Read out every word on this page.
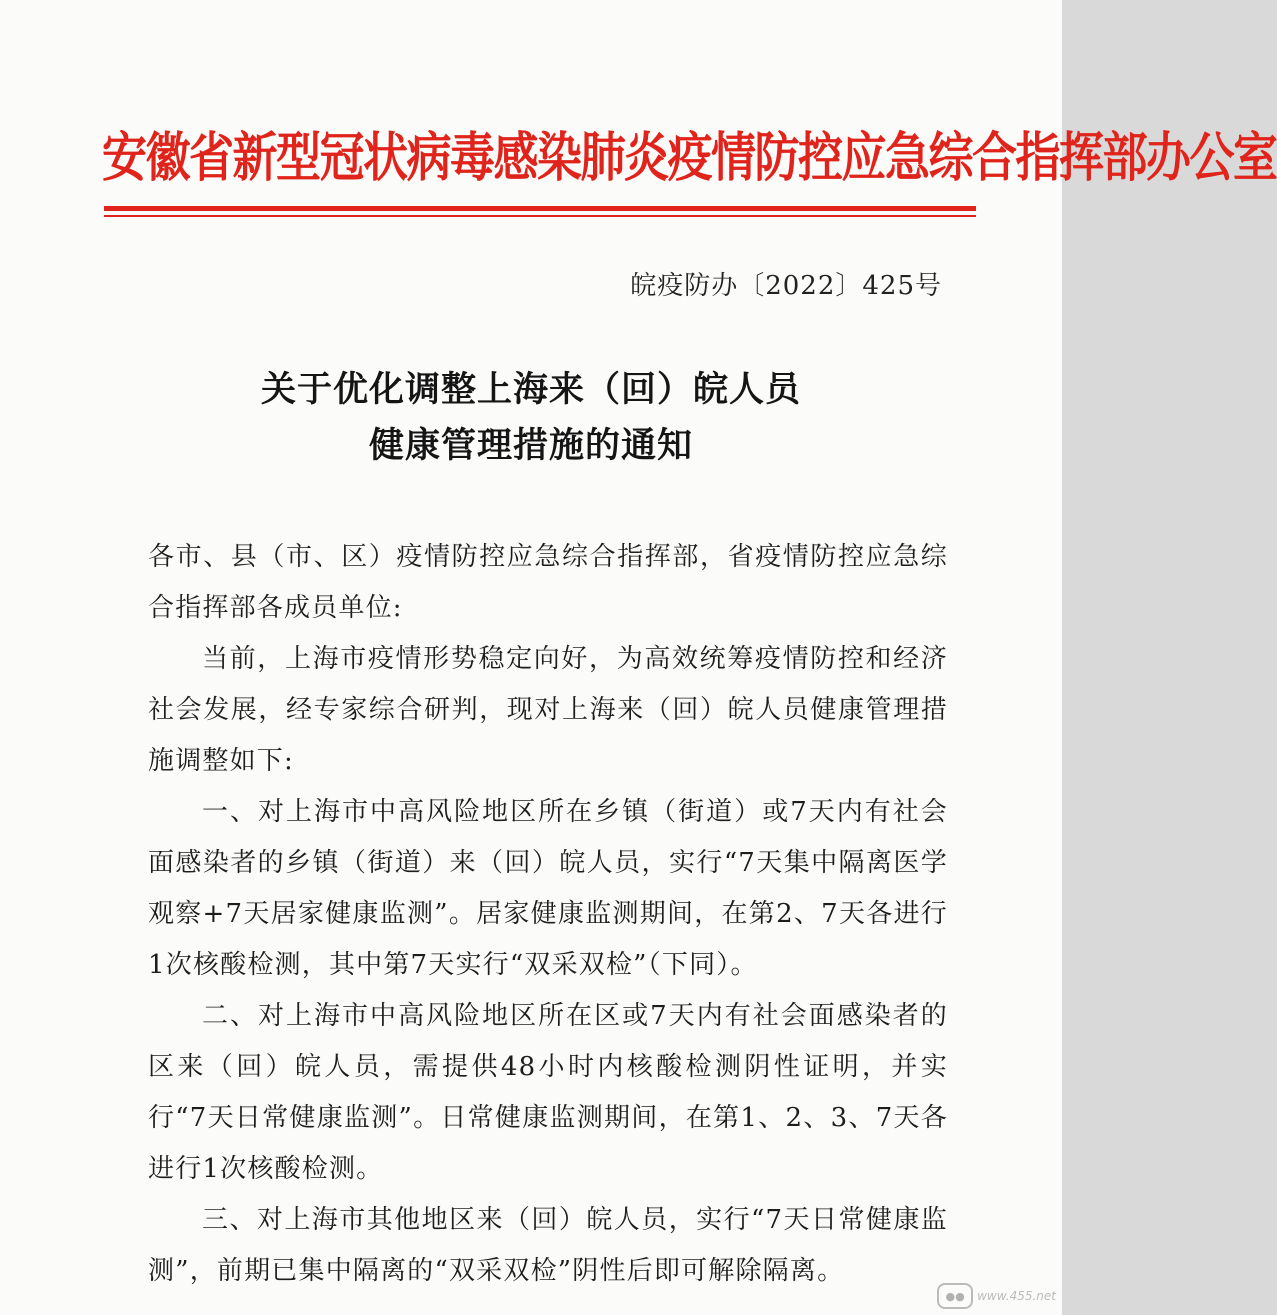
安徽省新型冠状病毒感染肺炎疫情防控应急综合指挥部办公室
皖疫防办〔2022〕425号
关于优化调整上海来（回）皖人员
健康管理措施的通知

各市、县（市、区）疫情防控应急综合指挥部，省疫情防控应急综合指挥部各成员单位:

当前，上海市疫情形势稳定向好，为高效统筹疫情防控和经济社会发展，经专家综合研判，现对上海来（回）皖人员健康管理措施调整如下:

一、对上海市中高风险地区所在乡镇（街道）或7天内有社会面感染者的乡镇（街道）来（回）皖人员，实行“7天集中隔离医学观察+7天居家健康监测”。居家健康监测期间，在第2、7天各进行1次核酸检测，其中第7天实行“双采双检”（下同）。

二、对上海市中高风险地区所在区或7天内有社会面感染者的区来（回）皖人员，需提供48小时内核酸检测阴性证明，并实行“7天日常健康监测”。日常健康监测期间，在第1、2、3、7天各进行1次核酸检测。

三、对上海市其他地区来（回）皖人员，实行“7天日常健康监测”，前期已集中隔离的“双采双检”阴性后即可解除隔离。

●●	www.455.net
